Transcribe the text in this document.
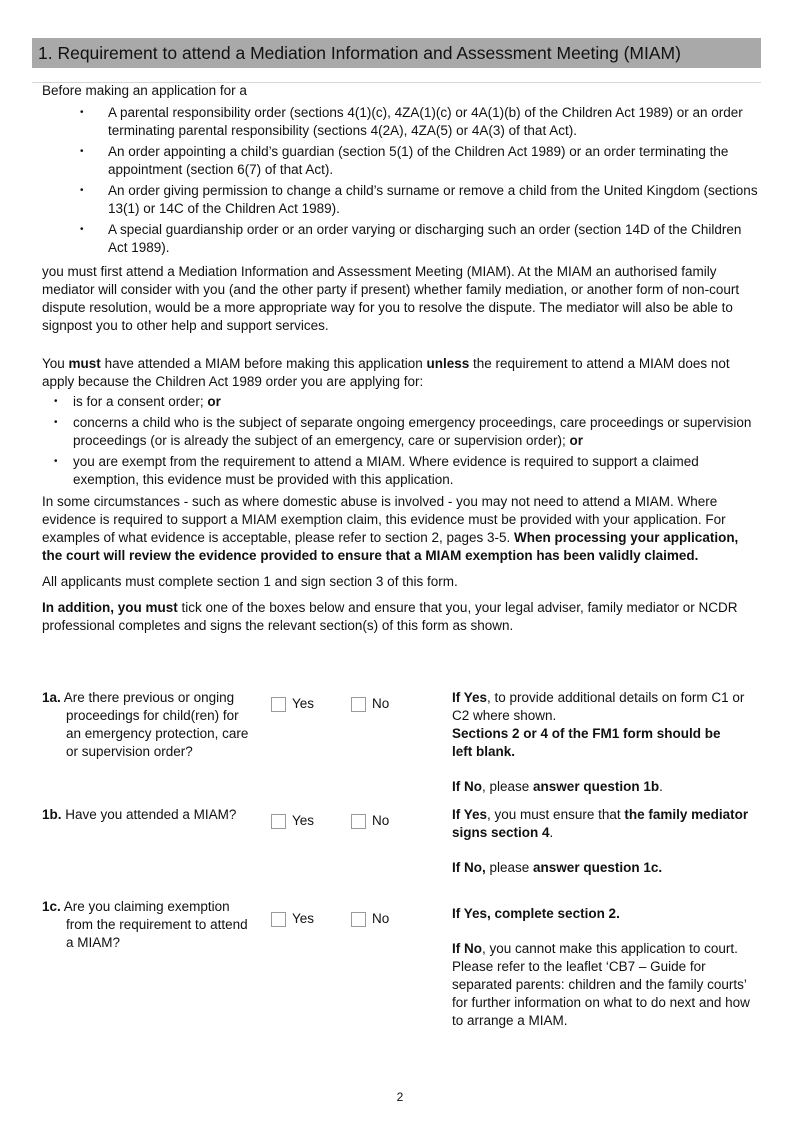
1. Requirement to attend a Mediation Information and Assessment Meeting (MIAM)

Before making an application for a

• A parental responsibility order (sections 4(1)(c), 4ZA(1)(c) or 4A(1)(b) of the Children Act 1989) or an order terminating parental responsibility (sections 4(2A), 4ZA(5) or 4A(3) of that Act).
• An order appointing a child’s guardian (section 5(1) of the Children Act 1989) or an order terminating the appointment (section 6(7) of that Act).
• An order giving permission to change a child’s surname or remove a child from the United Kingdom (sections 13(1) or 14C of the Children Act 1989).
• A special guardianship order or an order varying or discharging such an order (section 14D of the Children Act 1989).

you must first attend a Mediation Information and Assessment Meeting (MIAM). At the MIAM an authorised family mediator will consider with you (and the other party if present) whether family mediation, or another form of non-court dispute resolution, would be a more appropriate way for you to resolve the dispute. The mediator will also be able to signpost you to other help and support services.

You must have attended a MIAM before making this application unless the requirement to attend a MIAM does not apply because the Children Act 1989 order you are applying for:

• is for a consent order; or
• concerns a child who is the subject of separate ongoing emergency proceedings, care proceedings or supervision proceedings (or is already the subject of an emergency, care or supervision order); or
• you are exempt from the requirement to attend a MIAM. Where evidence is required to support a claimed exemption, this evidence must be provided with this application.

In some circumstances - such as where domestic abuse is involved - you may not need to attend a MIAM. Where evidence is required to support a MIAM exemption claim, this evidence must be provided with your application. For examples of what evidence is acceptable, please refer to section 2, pages 3-5. When processing your application, the court will review the evidence provided to ensure that a MIAM exemption has been validly claimed.

All applicants must complete section 1 and sign section 3 of this form.

In addition, you must tick one of the boxes below and ensure that you, your legal adviser, family mediator or NCDR professional completes and signs the relevant section(s) of this form as shown.

1a. Are there previous or onging
proceedings for child(ren) for an emergency protection, care or supervision order?
Yes	No	If Yes, to provide additional details on form C1 or C2 where shown.

Sections 2 or 4 of the FM1 form should be left blank.

If No, please answer question 1b.

1b. Have you attended a MIAM?	Yes	No	If Yes, you must ensure that the family mediator signs section 4.

If No, please answer question 1c.

1c. Are you claiming exemption
from the requirement to attend a MIAM?
Yes	No	If Yes, complete section 2.

If No, you cannot make this application to court. Please refer to the leaflet ‘CB7 – Guide for separated parents: children and the family courts’ for further information on what to do next and how to arrange a MIAM.

2
